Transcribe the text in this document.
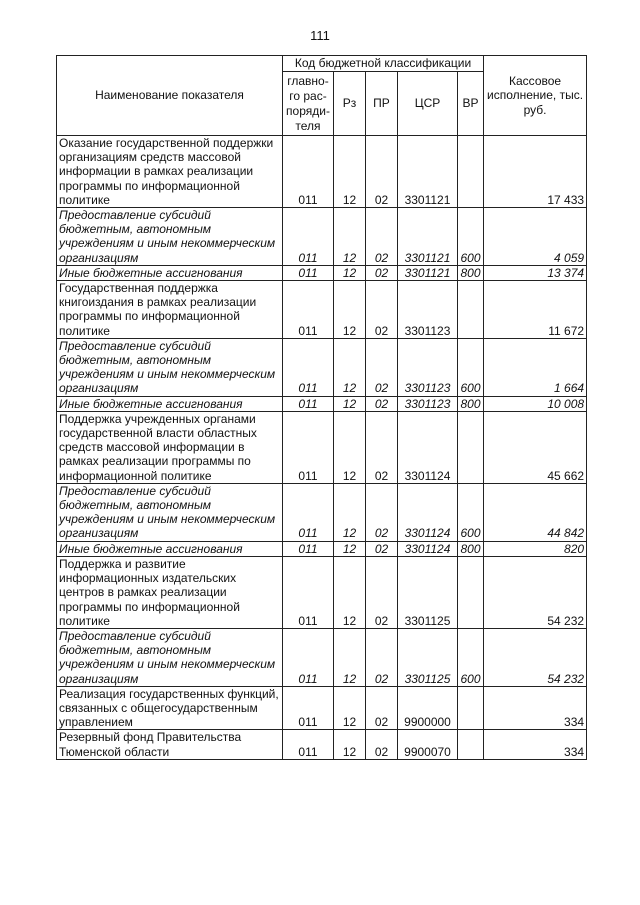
111
Наименование показателя	Код бюджетной классификации					Кассовое исполнение, тыс. руб.
	главно-го рас-поряди-теля	Рз	ПР	ЦСР	ВР	
Оказание государственной поддержки организациям средств массовой информации в рамках реализации программы по информационной политике	011	12	02	3301121		17 433
Предоставление субсидий бюджетным, автономным учреждениям и иным некоммерческим организациям	011	12	02	3301121	600	4 059
Иные бюджетные ассигнования	011	12	02	3301121	800	13 374
Государственная поддержка книгоиздания в рамках реализации программы по информационной политике	011	12	02	3301123		11 672
Предоставление субсидий бюджетным, автономным учреждениям и иным некоммерческим организациям	011	12	02	3301123	600	1 664
Иные бюджетные ассигнования	011	12	02	3301123	800	10 008
Поддержка учрежденных органами государственной власти областных средств массовой информации в рамках реализации программы по информационной политике	011	12	02	3301124		45 662
Предоставление субсидий бюджетным, автономным учреждениям и иным некоммерческим организациям	011	12	02	3301124	600	44 842
Иные бюджетные ассигнования	011	12	02	3301124	800	820
Поддержка и развитие информационных издательских центров в рамках реализации программы по информационной политике	011	12	02	3301125		54 232
Предоставление субсидий бюджетным, автономным учреждениям и иным некоммерческим организациям	011	12	02	3301125	600	54 232
Реализация государственных функций, связанных с общегосударственным управлением	011	12	02	9900000		334
Резервный фонд Правительства Тюменской области	011	12	02	9900070		334
